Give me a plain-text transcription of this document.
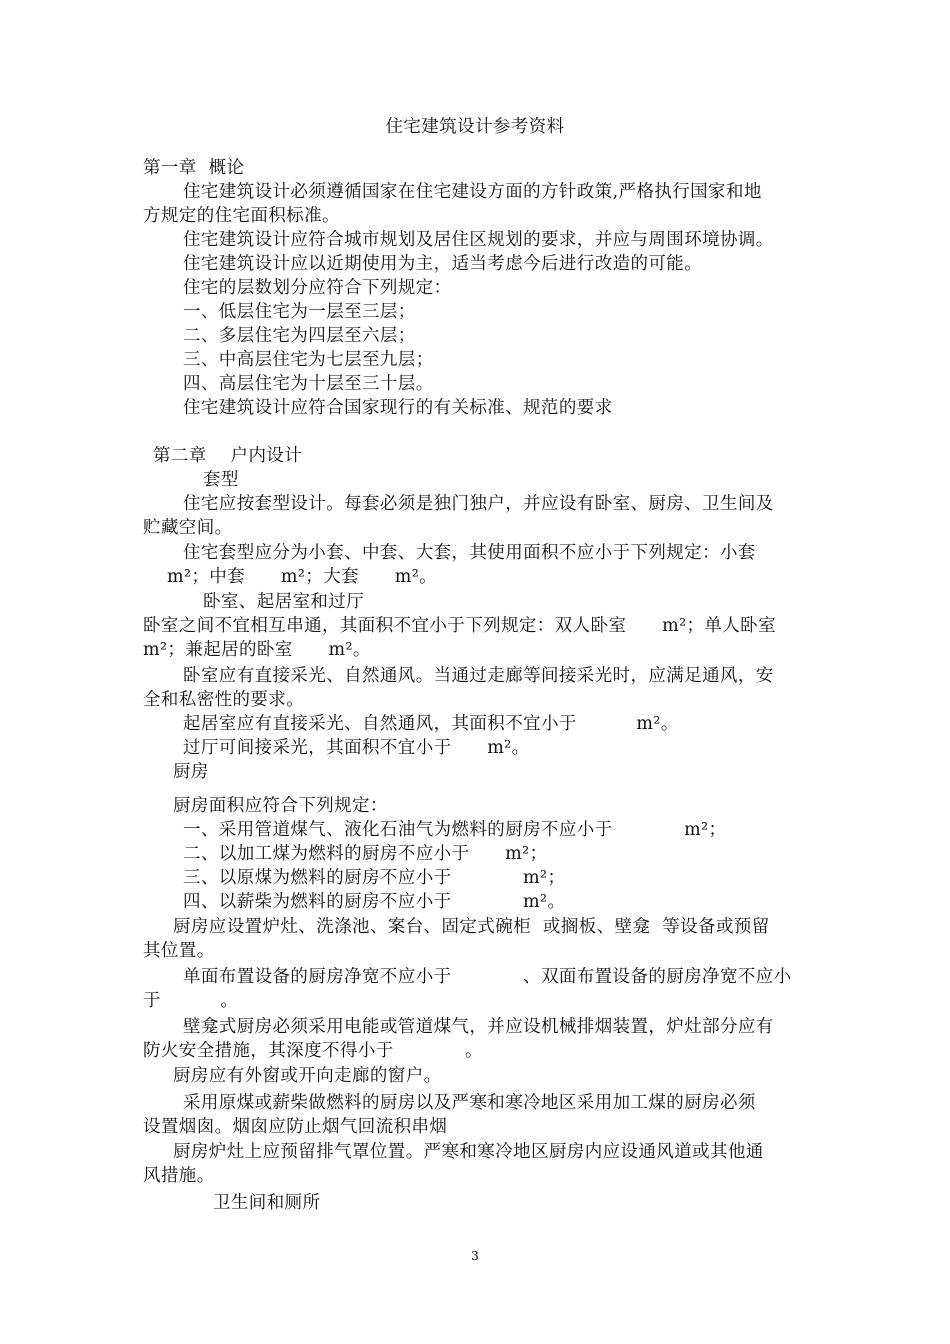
住宅建筑设计参考资料
第一章  概论
住宅建筑设计必须遵循国家在住宅建设方面的方针政策,严格执行国家和地
方规定的住宅面积标准。
住宅建筑设计应符合城市规划及居住区规划的要求，并应与周围环境协调。
住宅建筑设计应以近期使用为主，适当考虑今后进行改造的可能。
住宅的层数划分应符合下列规定：
一、低层住宅为一层至三层；
二、多层住宅为四层至六层；
三、中高层住宅为七层至九层；
四、高层住宅为十层至三十层。
住宅建筑设计应符合国家现行的有关标准、规范的要求
第二章    户内设计
套型
住宅应按套型设计。每套必须是独门独户，并应设有卧室、厨房、卫生间及
贮藏空间。
住宅套型应分为小套、中套、大套，其使用面积不应小于下列规定：小套
m²；中套      m²；大套      m²。
卧室、起居室和过厅
卧室之间不宜相互串通，其面积不宜小于下列规定：双人卧室      m²；单人卧室
m²；兼起居的卧室      m²。
卧室应有直接采光、自然通风。当通过走廊等间接采光时，应满足通风，安
全和私密性的要求。
起居室应有直接采光、自然通风，其面积不宜小于          m²。
过厅可间接采光，其面积不宜小于      m²。
厨房
厨房面积应符合下列规定：
一、采用管道煤气、液化石油气为燃料的厨房不应小于            m²；
二、以加工煤为燃料的厨房不应小于      m²；
三、以原煤为燃料的厨房不应小于            m²；
四、以薪柴为燃料的厨房不应小于            m²。
厨房应设置炉灶、洗涤池、案台、固定式碗柜  或搁板、壁龛  等设备或预留
其位置。
单面布置设备的厨房净宽不应小于            、双面布置设备的厨房净宽不应小
于          。
壁龛式厨房必须采用电能或管道煤气，并应设机械排烟装置，炉灶部分应有
防火安全措施，其深度不得小于            。
厨房应有外窗或开向走廊的窗户。
采用原煤或薪柴做燃料的厨房以及严寒和寒冷地区采用加工煤的厨房必须
设置烟囱。烟囱应防止烟气回流积串烟
厨房炉灶上应预留排气罩位置。严寒和寒冷地区厨房内应设通风道或其他通
风措施。
卫生间和厕所
3
